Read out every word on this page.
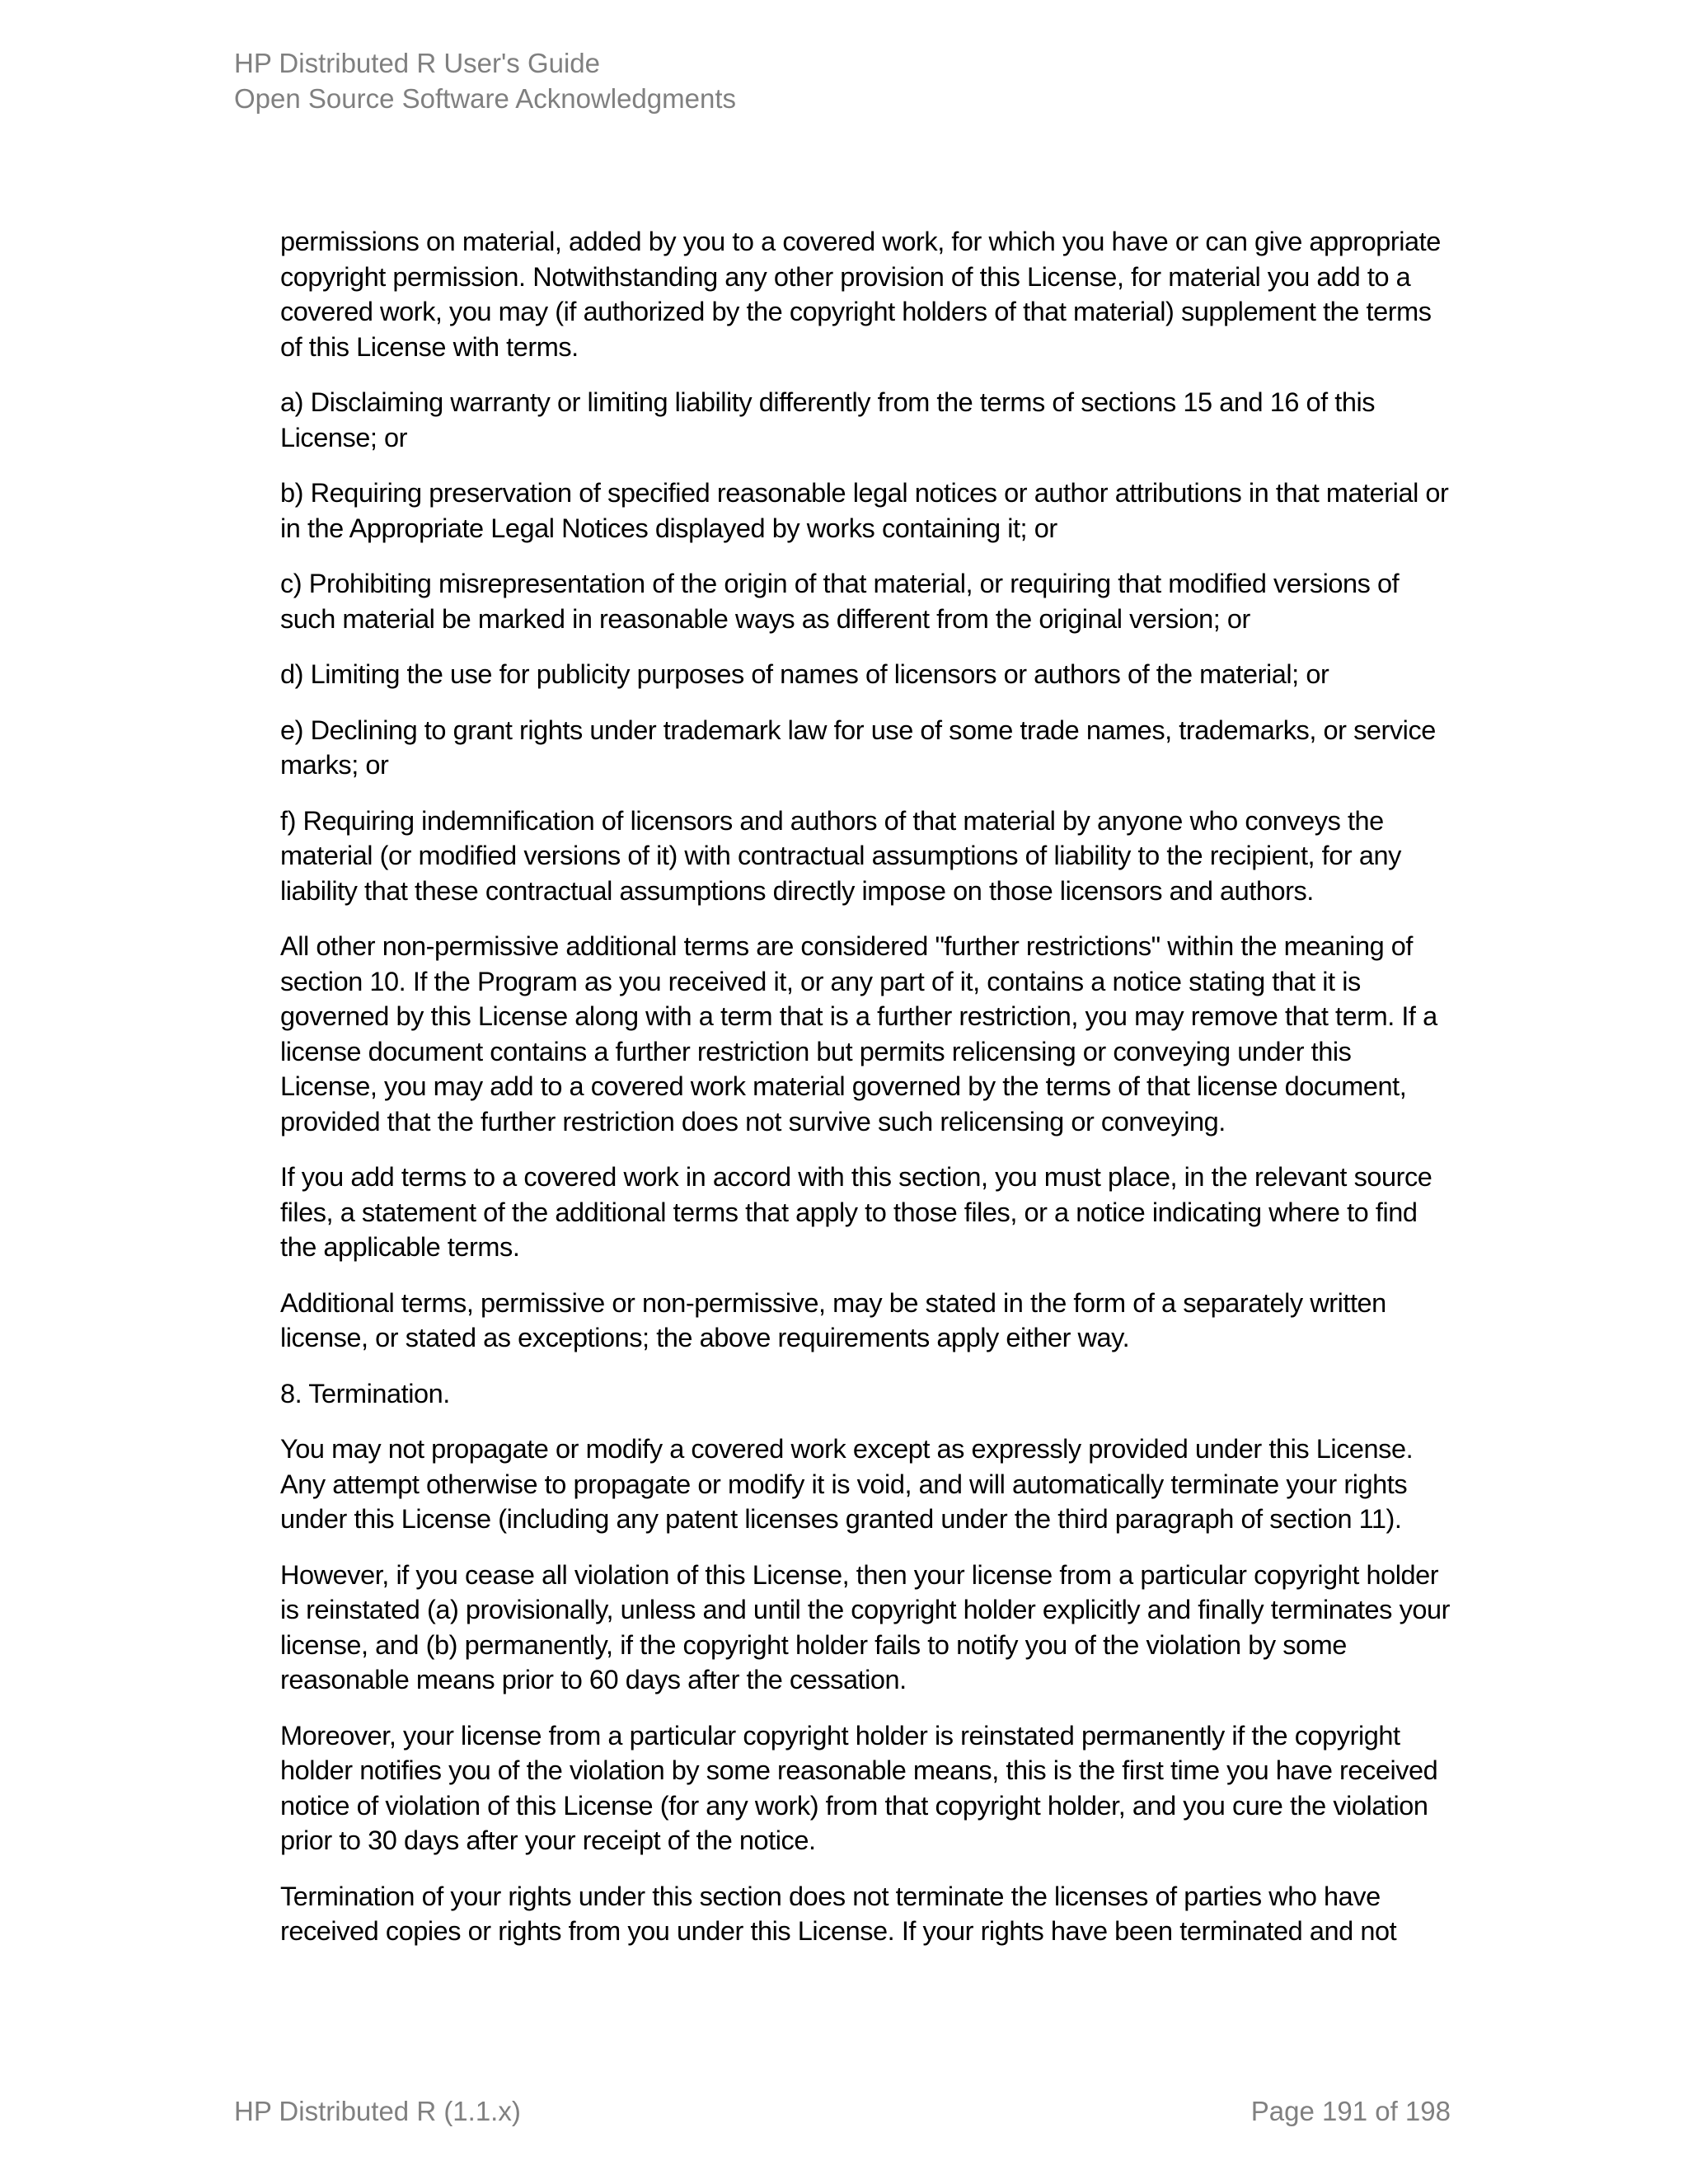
HP Distributed R User's Guide
Open Source Software Acknowledgments

permissions on material, added by you to a covered work, for which you have or can give appropriate copyright permission. Notwithstanding any other provision of this License, for material you add to a covered work, you may (if authorized by the copyright holders of that material) supplement the terms of this License with terms.

a) Disclaiming warranty or limiting liability differently from the terms of sections 15 and 16 of this License; or

b) Requiring preservation of specified reasonable legal notices or author attributions in that material or in the Appropriate Legal Notices displayed by works containing it; or

c) Prohibiting misrepresentation of the origin of that material, or requiring that modified versions of such material be marked in reasonable ways as different from the original version; or

d) Limiting the use for publicity purposes of names of licensors or authors of the material; or

e) Declining to grant rights under trademark law for use of some trade names, trademarks, or service marks; or

f) Requiring indemnification of licensors and authors of that material by anyone who conveys the material (or modified versions of it) with contractual assumptions of liability to the recipient, for any liability that these contractual assumptions directly impose on those licensors and authors.

All other non-permissive additional terms are considered "further restrictions" within the meaning of section 10. If the Program as you received it, or any part of it, contains a notice stating that it is governed by this License along with a term that is a further restriction, you may remove that term. If a license document contains a further restriction but permits relicensing or conveying under this License, you may add to a covered work material governed by the terms of that license document, provided that the further restriction does not survive such relicensing or conveying.

If you add terms to a covered work in accord with this section, you must place, in the relevant source files, a statement of the additional terms that apply to those files, or a notice indicating where to find the applicable terms.

Additional terms, permissive or non-permissive, may be stated in the form of a separately written license, or stated as exceptions; the above requirements apply either way.

8. Termination.

You may not propagate or modify a covered work except as expressly provided under this License. Any attempt otherwise to propagate or modify it is void, and will automatically terminate your rights under this License (including any patent licenses granted under the third paragraph of section 11).

However, if you cease all violation of this License, then your license from a particular copyright holder is reinstated (a) provisionally, unless and until the copyright holder explicitly and finally terminates your license, and (b) permanently, if the copyright holder fails to notify you of the violation by some reasonable means prior to 60 days after the cessation.

Moreover, your license from a particular copyright holder is reinstated permanently if the copyright holder notifies you of the violation by some reasonable means, this is the first time you have received notice of violation of this License (for any work) from that copyright holder, and you cure the violation prior to 30 days after your receipt of the notice.

Termination of your rights under this section does not terminate the licenses of parties who have received copies or rights from you under this License. If your rights have been terminated and not

HP Distributed R (1.1.x)	Page 191 of 198
